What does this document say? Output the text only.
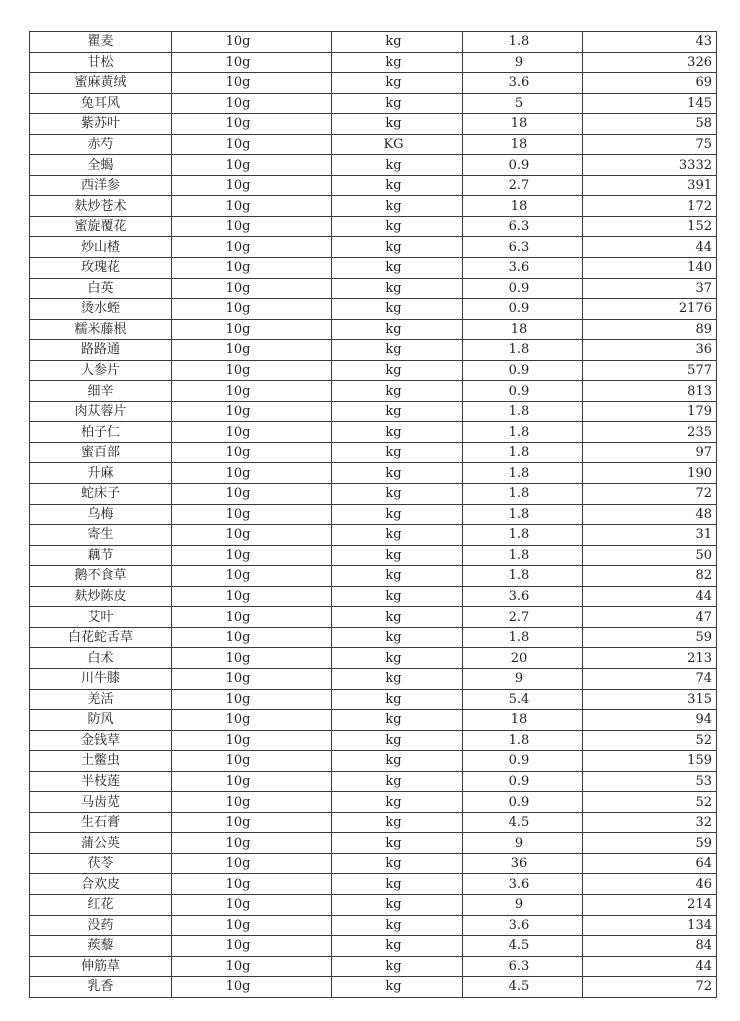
瞿麦	10g	kg	1.8	43
甘松	10g	kg	9	326
蜜麻黄绒	10g	kg	3.6	69
兔耳风	10g	kg	5	145
紫苏叶	10g	kg	18	58
赤芍	10g	KG	18	75
全蝎	10g	kg	0.9	3332
西洋参	10g	kg	2.7	391
麸炒苍术	10g	kg	18	172
蜜旋覆花	10g	kg	6.3	152
炒山楂	10g	kg	6.3	44
玫瑰花	10g	kg	3.6	140
白英	10g	kg	0.9	37
烫水蛭	10g	kg	0.9	2176
糯米藤根	10g	kg	18	89
路路通	10g	kg	1.8	36
人参片	10g	kg	0.9	577
细辛	10g	kg	0.9	813
肉苁蓉片	10g	kg	1.8	179
柏子仁	10g	kg	1.8	235
蜜百部	10g	kg	1.8	97
升麻	10g	kg	1.8	190
蛇床子	10g	kg	1.8	72
乌梅	10g	kg	1.8	48
寄生	10g	kg	1.8	31
藕节	10g	kg	1.8	50
鹅不食草	10g	kg	1.8	82
麸炒陈皮	10g	kg	3.6	44
艾叶	10g	kg	2.7	47
白花蛇舌草	10g	kg	1.8	59
白术	10g	kg	20	213
川牛膝	10g	kg	9	74
羌活	10g	kg	5.4	315
防风	10g	kg	18	94
金钱草	10g	kg	1.8	52
土鳖虫	10g	kg	0.9	159
半枝莲	10g	kg	0.9	53
马齿苋	10g	kg	0.9	52
生石膏	10g	kg	4.5	32
蒲公英	10g	kg	9	59
茯苓	10g	kg	36	64
合欢皮	10g	kg	3.6	46
红花	10g	kg	9	214
没药	10g	kg	3.6	134
蒺藜	10g	kg	4.5	84
伸筋草	10g	kg	6.3	44
乳香	10g	kg	4.5	72
